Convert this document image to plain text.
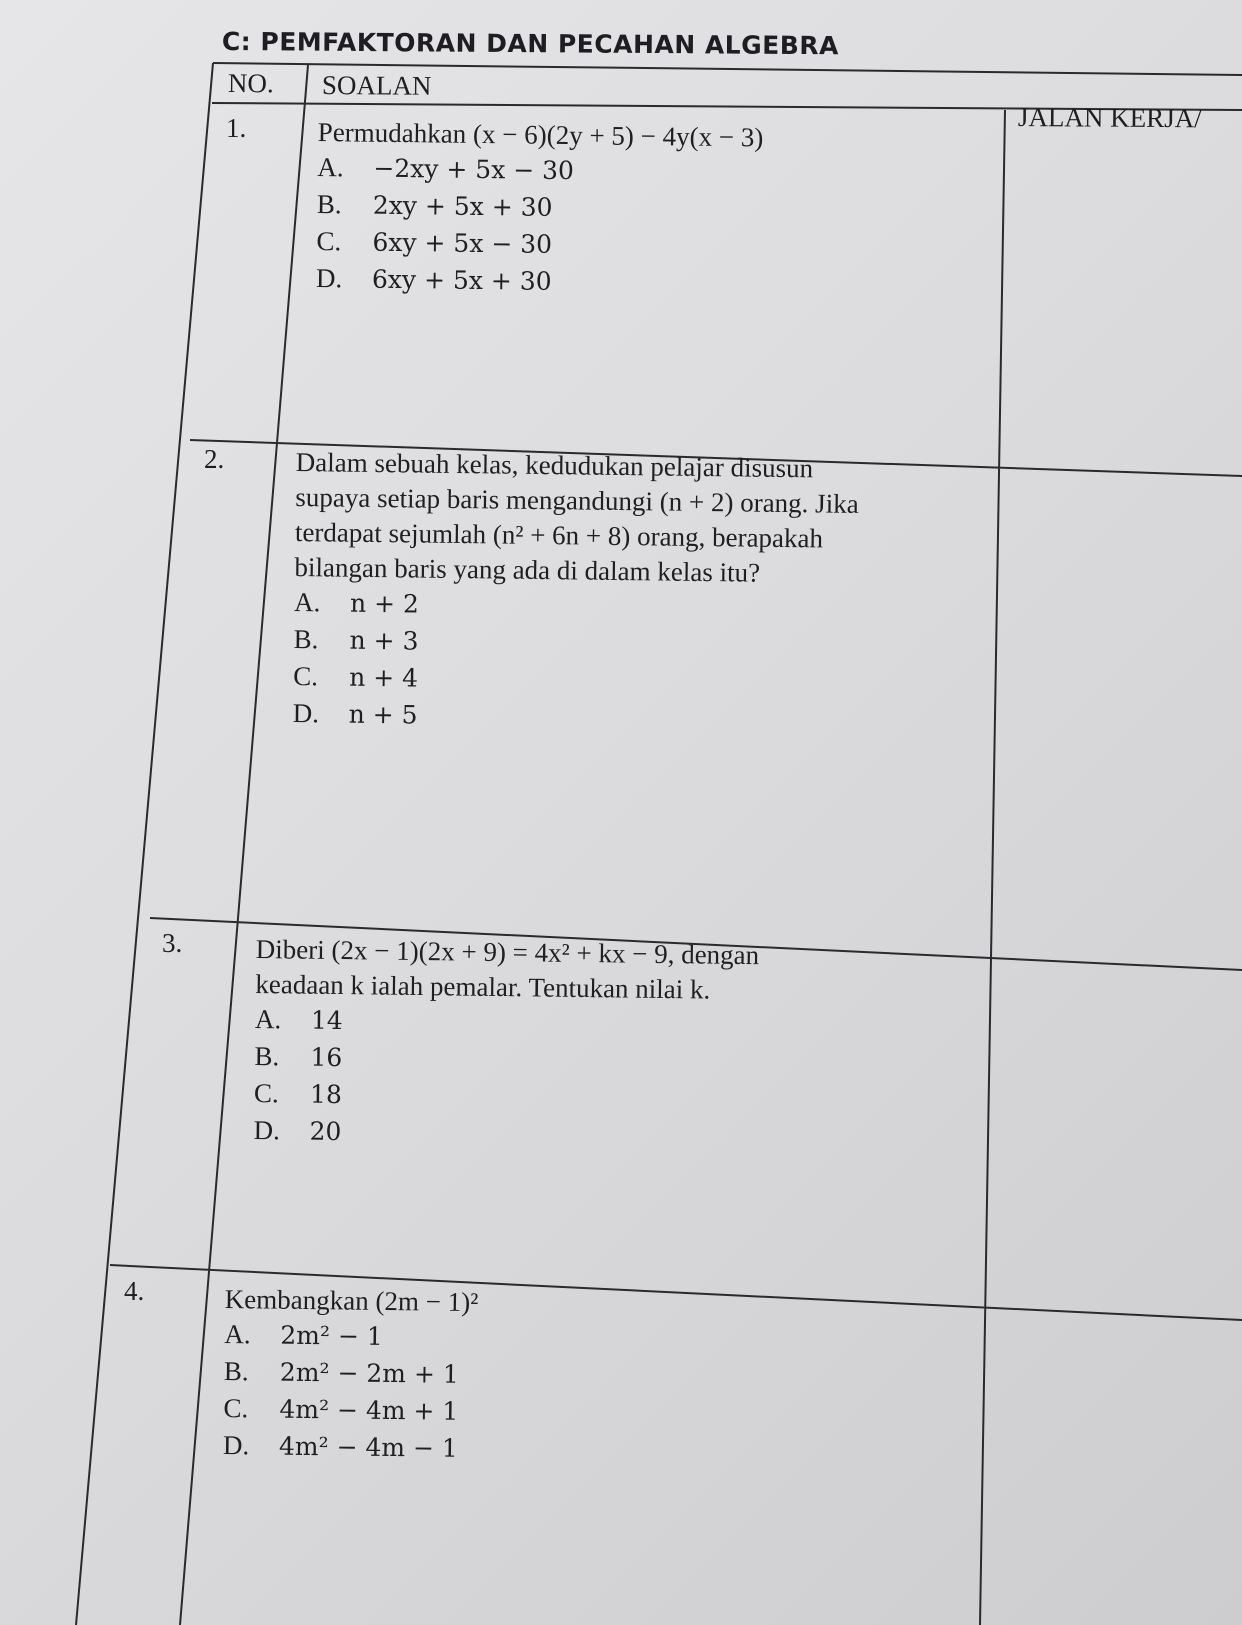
C: PEMFAKTORAN DAN PECAHAN ALGEBRA
NO. SOALAN
JALAN KERJA/
1.	Permudahkan (x − 6)(2y + 5) − 4y(x − 3)

A.	−2xy + 5x − 30
B.	2xy + 5x + 30
C.	6xy + 5x − 30
D.	6xy + 5x + 30
2.	Dalam sebuah kelas, kedudukan pelajar disusun
supaya setiap baris mengandungi (n + 2) orang. Jika
terdapat sejumlah (n² + 6n + 8) orang, berapakah
bilangan baris yang ada di dalam kelas itu?

A.	n + 2
B.	n + 3
C.	n + 4
D.	n + 5
3.	Diberi (2x − 1)(2x + 9) = 4x² + kx − 9, dengan
keadaan k ialah pemalar. Tentukan nilai k.

A.	14
B.	16
C.	18
D.	20
4.	Kembangkan (2m − 1)²

A.	2m² − 1
B.	2m² − 2m + 1
C.	4m² − 4m + 1
D.	4m² − 4m − 1
